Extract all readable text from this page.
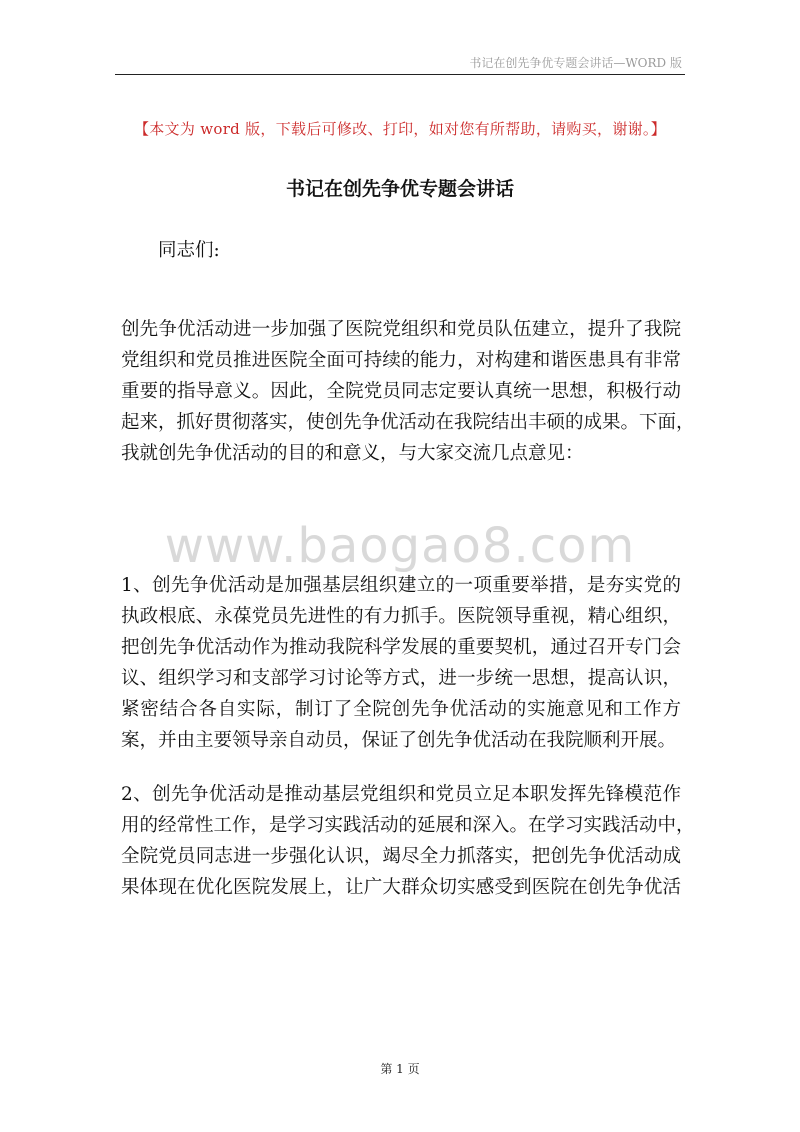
书记在创先争优专题会讲话—WORD 版
【本文为 word 版，下载后可修改、打印，如对您有所帮助，请购买，谢谢。】
书记在创先争优专题会讲话
同志们:
www.baogao8.com
创先争优活动进一步加强了医院党组织和党员队伍建立，提升了我院
党组织和党员推进医院全面可持续的能力，对构建和谐医患具有非常
重要的指导意义。因此，全院党员同志定要认真统一思想，积极行动
起来，抓好贯彻落实，使创先争优活动在我院结出丰硕的成果。下面，
我就创先争优活动的目的和意义，与大家交流几点意见：
1、创先争优活动是加强基层组织建立的一项重要举措，是夯实党的
执政根底、永葆党员先进性的有力抓手。医院领导重视，精心组织，
把创先争优活动作为推动我院科学发展的重要契机，通过召开专门会
议、组织学习和支部学习讨论等方式，进一步统一思想，提高认识，
紧密结合各自实际，制订了全院创先争优活动的实施意见和工作方
案，并由主要领导亲自动员，保证了创先争优活动在我院顺利开展。
2、创先争优活动是推动基层党组织和党员立足本职发挥先锋模范作
用的经常性工作，是学习实践活动的延展和深入。在学习实践活动中，
全院党员同志进一步强化认识，竭尽全力抓落实，把创先争优活动成
果体现在优化医院发展上，让广大群众切实感受到医院在创先争优活
第 1 页
